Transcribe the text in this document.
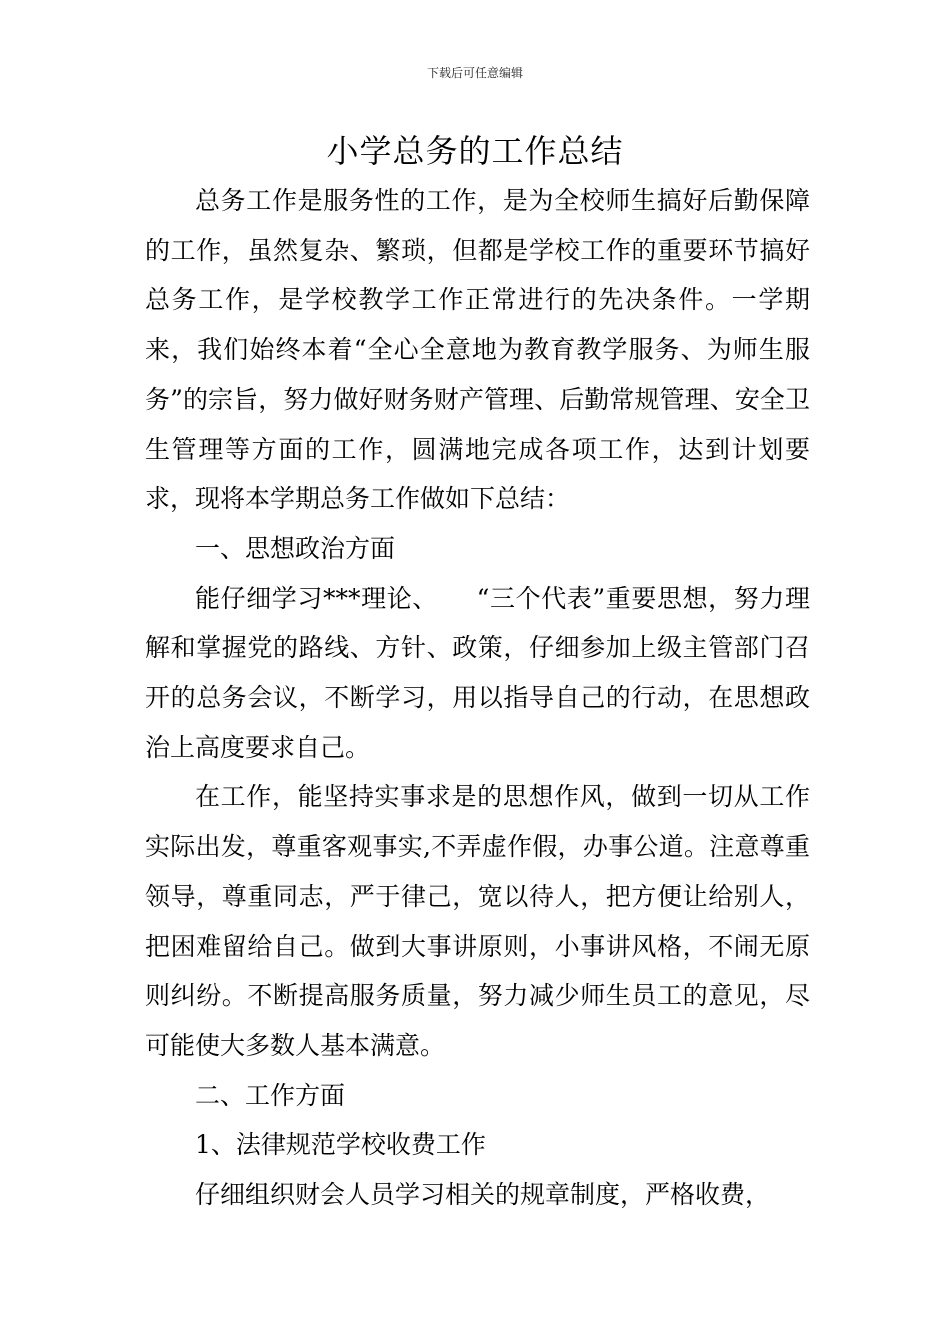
下载后可任意编辑
小学总务的工作总结

总务工作是服务性的工作，是为全校师生搞好后勤保障的工作，虽然复杂、繁琐，但都是学校工作的重要环节搞好总务工作，是学校教学工作正常进行的先决条件。一学期来，我们始终本着“全心全意地为教育教学服务、为师生服务”的宗旨，努力做好财务财产管理、后勤常规管理、安全卫生管理等方面的工作，圆满地完成各项工作，达到计划要求，现将本学期总务工作做如下总结：

一、思想政治方面

能仔细学习***理论、　　“三个代表”重要思想，努力理解和掌握党的路线、方针、政策，仔细参加上级主管部门召开的总务会议，不断学习，用以指导自己的行动，在思想政治上高度要求自己。

在工作，能坚持实事求是的思想作风，做到一切从工作实际出发，尊重客观事实,不弄虚作假，办事公道。注意尊重领导，尊重同志，严于律己，宽以待人，把方便让给别人，把困难留给自己。做到大事讲原则，小事讲风格，不闹无原则纠纷。不断提高服务质量，努力减少师生员工的意见，尽可能使大多数人基本满意。

二、工作方面

1、法律规范学校收费工作

仔细组织财会人员学习相关的规章制度，严格收费，
